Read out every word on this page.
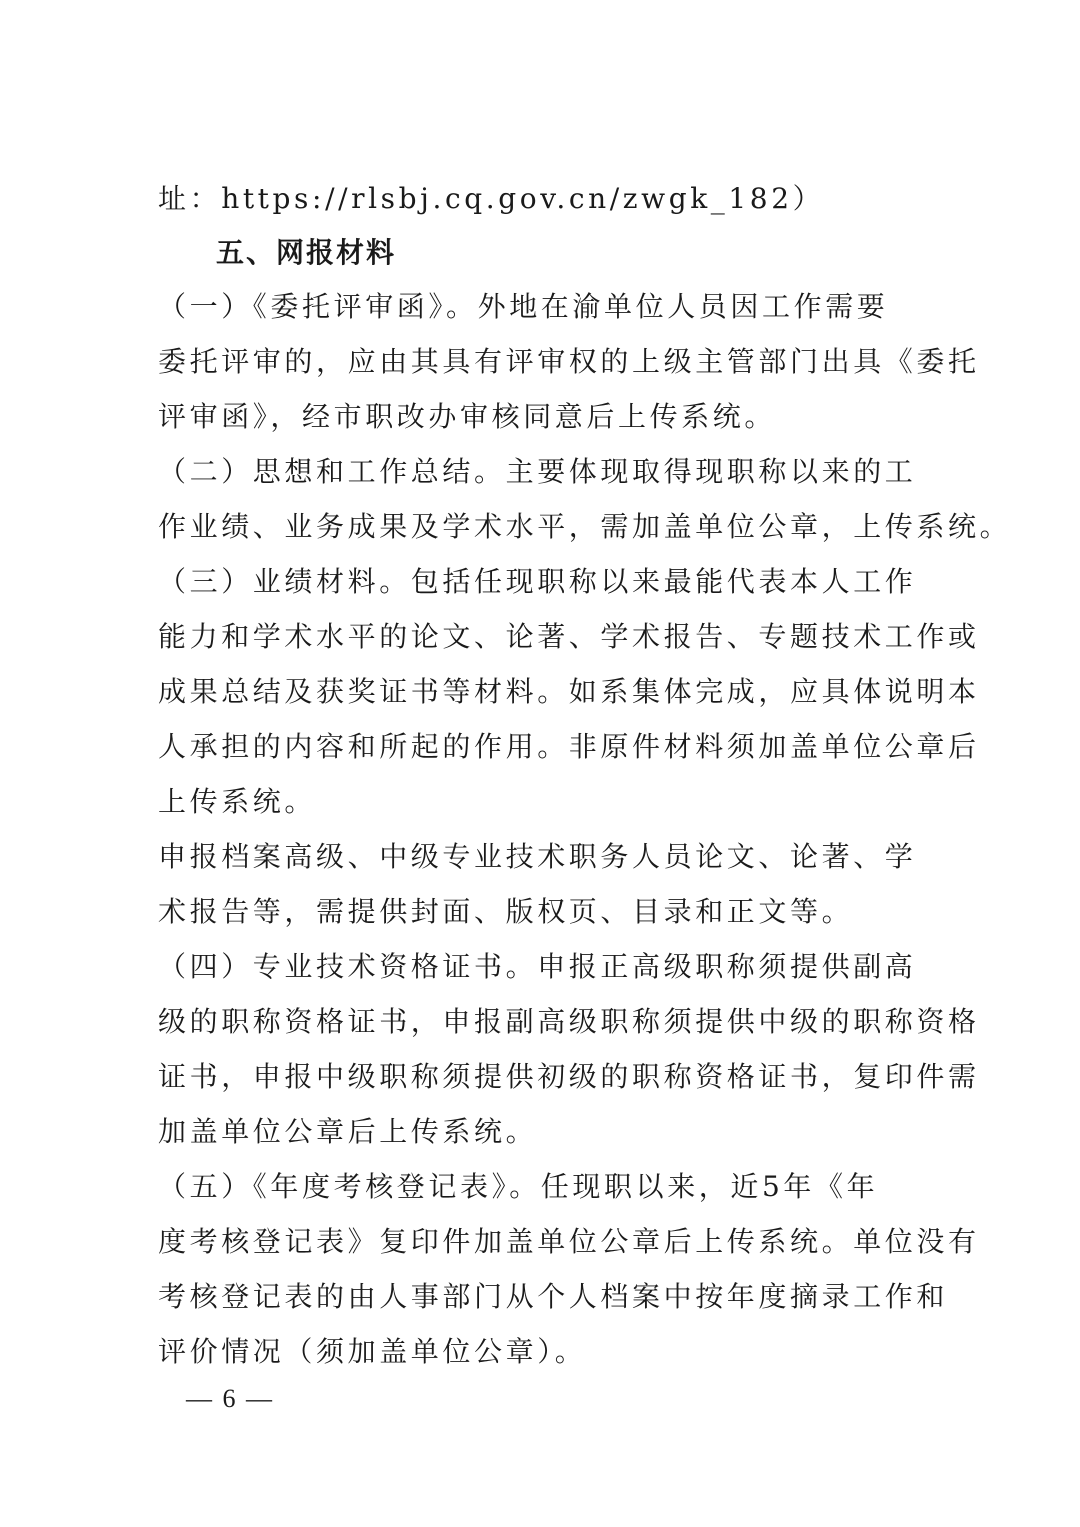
址：https://rlsbj.cq.gov.cn/zwgk_182）
五、网报材料
（一）《委托评审函》。外地在渝单位人员因工作需要
委托评审的，应由其具有评审权的上级主管部门出具《委托
评审函》，经市职改办审核同意后上传系统。
（二）思想和工作总结。主要体现取得现职称以来的工
作业绩、业务成果及学术水平，需加盖单位公章，上传系统。
（三）业绩材料。包括任现职称以来最能代表本人工作
能力和学术水平的论文、论著、学术报告、专题技术工作或
成果总结及获奖证书等材料。如系集体完成，应具体说明本
人承担的内容和所起的作用。非原件材料须加盖单位公章后
上传系统。
申报档案高级、中级专业技术职务人员论文、论著、学
术报告等，需提供封面、版权页、目录和正文等。
（四）专业技术资格证书。申报正高级职称须提供副高
级的职称资格证书，申报副高级职称须提供中级的职称资格
证书，申报中级职称须提供初级的职称资格证书，复印件需
加盖单位公章后上传系统。
（五）《年度考核登记表》。任现职以来，近5年《年
度考核登记表》复印件加盖单位公章后上传系统。单位没有
考核登记表的由人事部门从个人档案中按年度摘录工作和
评价情况（须加盖单位公章）。
— 6 —
